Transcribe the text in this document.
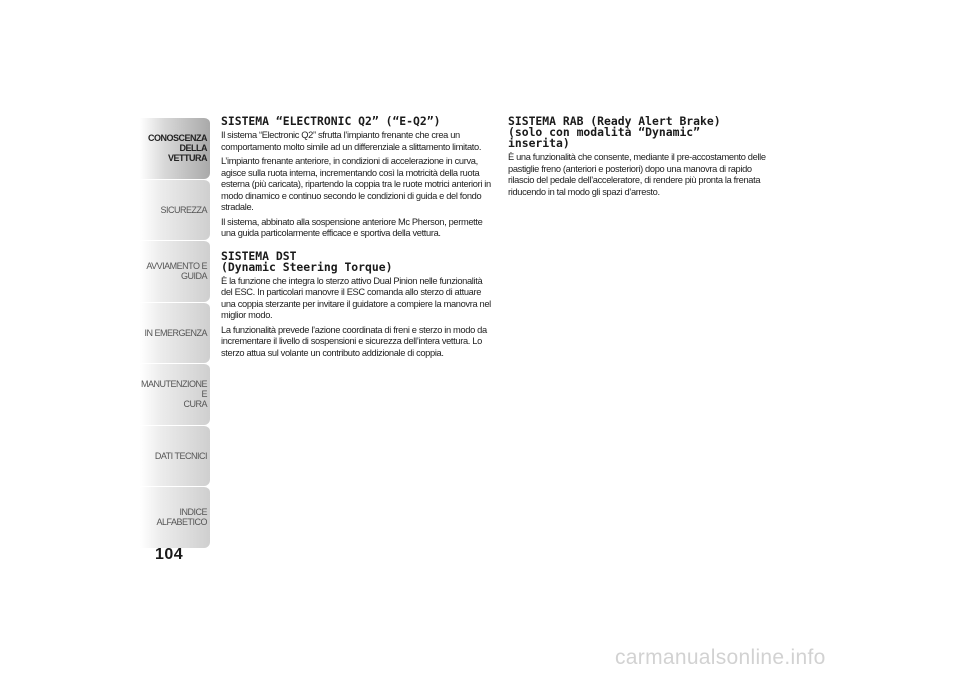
CONOSCENZA
DELLA VETTURA
SICUREZZA
AVVIAMENTO E
GUIDA
IN EMERGENZA
MANUTENZIONE E
CURA
DATI TECNICI
INDICE ALFABETICO
104
SISTEMA “ELECTRONIC Q2” (“E-Q2”)

Il sistema “Electronic Q2” sfrutta l’impianto frenante che crea un comportamento molto simile ad un differenziale a slittamento limitato.

L’impianto frenante anteriore, in condizioni di accelerazione in curva, agisce sulla ruota interna, incrementando così la motricità della ruota esterna (più caricata), ripartendo la coppia tra le ruote motrici anteriori in modo dinamico e continuo secondo le condizioni di guida e del fondo stradale.

Il sistema, abbinato alla sospensione anteriore Mc Pherson, permette una guida particolarmente efficace e sportiva della vettura.

SISTEMA DST
(Dynamic Steering Torque)

È la funzione che integra lo sterzo attivo Dual Pinion nelle funzionalità del ESC. In particolari manovre il ESC comanda allo sterzo di attuare una coppia sterzante per invitare il guidatore a compiere la manovra nel miglior modo.

La funzionalità prevede l’azione coordinata di freni e sterzo in modo da incrementare il livello di sospensioni e sicurezza dell’intera vettura. Lo sterzo attua sul volante un contributo addizionale di coppia.

SISTEMA RAB (Ready Alert Brake)
(solo con modalità “Dynamic”
inserita)

È una funzionalità che consente, mediante il pre-accostamento delle pastiglie freno (anteriori e posteriori) dopo una manovra di rapido rilascio del pedale dell’acceleratore, di rendere più pronta la frenata riducendo in tal modo gli spazi d’arresto.

carmanualsonline.info
